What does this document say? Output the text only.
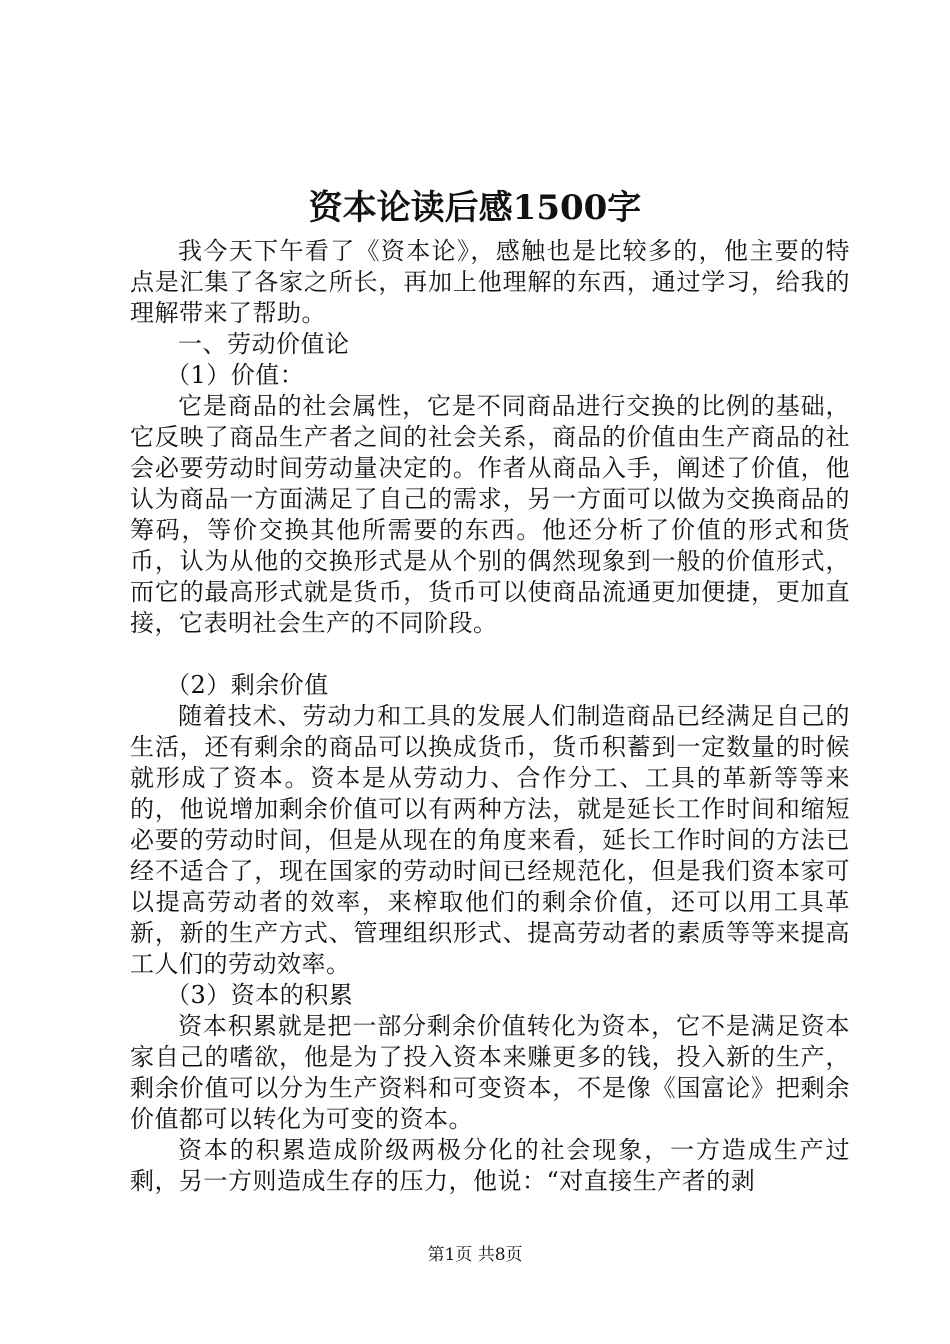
资本论读后感1500字

我今天下午看了《资本论》，感触也是比较多的，他主要的特点是汇集了各家之所长，再加上他理解的东西，通过学习，给我的理解带来了帮助。

一、劳动价值论

（1）价值：

它是商品的社会属性，它是不同商品进行交换的比例的基础，它反映了商品生产者之间的社会关系，商品的价值由生产商品的社会必要劳动时间劳动量决定的。作者从商品入手，阐述了价值，他认为商品一方面满足了自己的需求，另一方面可以做为交换商品的筹码，等价交换其他所需要的东西。他还分析了价值的形式和货币，认为从他的交换形式是从个别的偶然现象到一般的价值形式，而它的最高形式就是货币，货币可以使商品流通更加便捷，更加直接，它表明社会生产的不同阶段。

（2）剩余价值

随着技术、劳动力和工具的发展人们制造商品已经满足自己的生活，还有剩余的商品可以换成货币，货币积蓄到一定数量的时候就形成了资本。资本是从劳动力、合作分工、工具的革新等等来的，他说增加剩余价值可以有两种方法，就是延长工作时间和缩短必要的劳动时间，但是从现在的角度来看，延长工作时间的方法已经不适合了，现在国家的劳动时间已经规范化，但是我们资本家可以提高劳动者的效率，来榨取他们的剩余价值，还可以用工具革新，新的生产方式、管理组织形式、提高劳动者的素质等等来提高工人们的劳动效率。

（3）资本的积累

资本积累就是把一部分剩余价值转化为资本，它不是满足资本家自己的嗜欲，他是为了投入资本来赚更多的钱，投入新的生产，剩余价值可以分为生产资料和可变资本，不是像《国富论》把剩余价值都可以转化为可变的资本。

资本的积累造成阶级两极分化的社会现象，一方造成生产过剩，另一方则造成生存的压力，他说：“对直接生产者的剥

第1页 共8页
